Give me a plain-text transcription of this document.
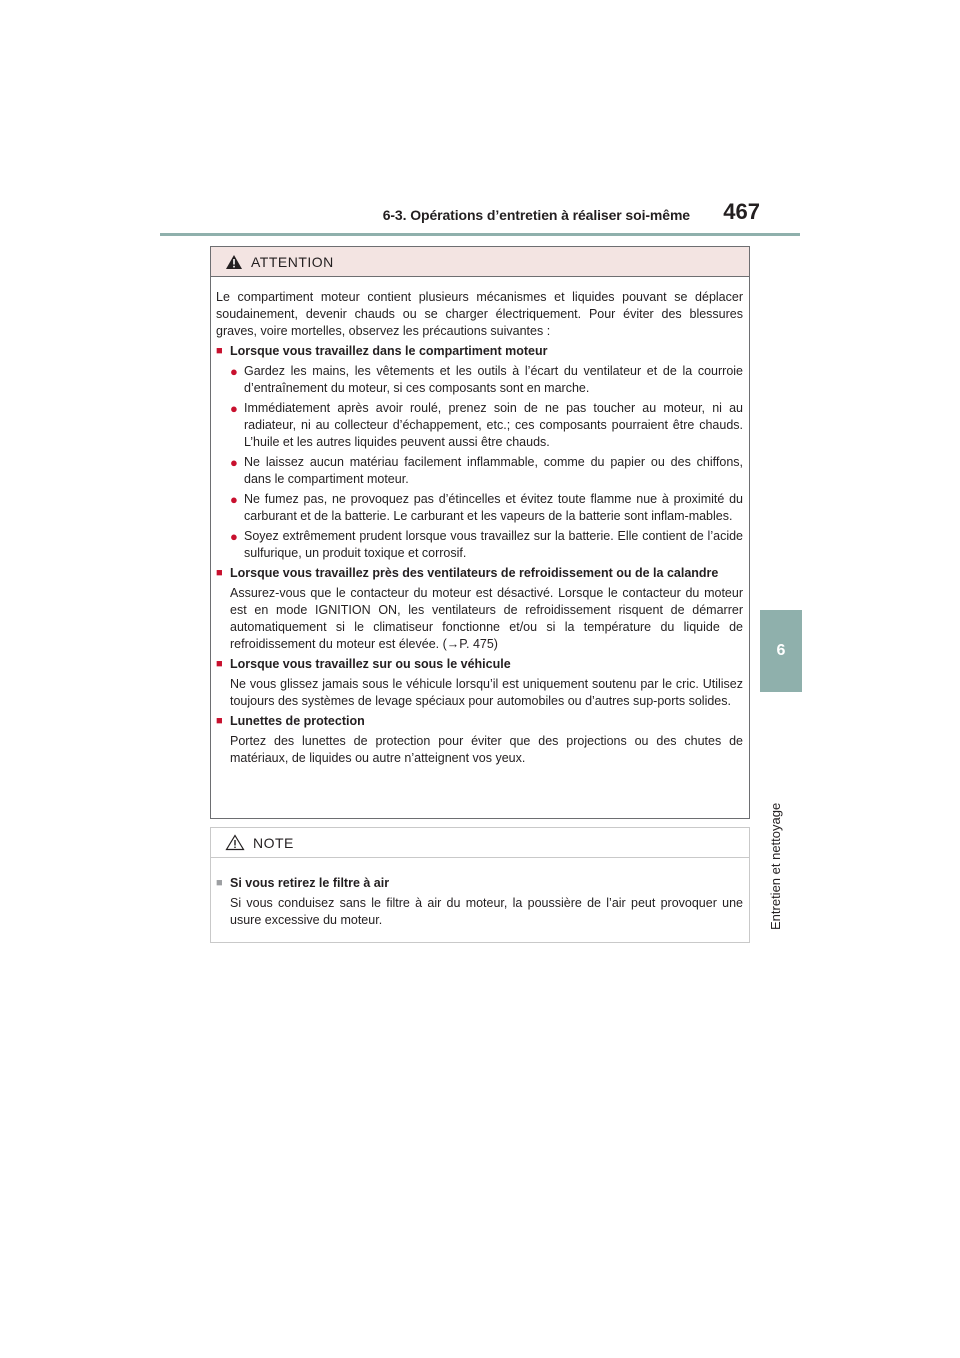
6-3. Opérations d’entretien à réaliser soi-même	467
6
Entretien et nettoyage
ATTENTION

Le compartiment moteur contient plusieurs mécanismes et liquides pouvant se déplacer soudainement, devenir chauds ou se charger électriquement. Pour éviter des blessures graves, voire mortelles, observez les précautions suivantes :

■ Lorsque vous travaillez dans le compartiment moteur
● Gardez les mains, les vêtements et les outils à l’écart du ventilateur et de la courroie d’entraînement du moteur, si ces composants sont en marche.
● Immédiatement après avoir roulé, prenez soin de ne pas toucher au moteur, ni au radiateur, ni au collecteur d’échappement, etc.; ces composants pourraient être chauds. L’huile et les autres liquides peuvent aussi être chauds.
● Ne laissez aucun matériau facilement inflammable, comme du papier ou des chiffons, dans le compartiment moteur.
● Ne fumez pas, ne provoquez pas d’étincelles et évitez toute flamme nue à proximité du carburant et de la batterie. Le carburant et les vapeurs de la batterie sont inflam-mables.
● Soyez extrêmement prudent lorsque vous travaillez sur la batterie. Elle contient de l’acide sulfurique, un produit toxique et corrosif.
■ Lorsque vous travaillez près des ventilateurs de refroidissement ou de la calandre

Assurez-vous que le contacteur du moteur est désactivé. Lorsque le contacteur du moteur est en mode IGNITION ON, les ventilateurs de refroidissement risquent de démarrer automatiquement si le climatiseur fonctionne et/ou si la température du liquide de refroidissement du moteur est élevée. (→P. 475)

■ Lorsque vous travaillez sur ou sous le véhicule

Ne vous glissez jamais sous le véhicule lorsqu’il est uniquement soutenu par le cric. Utilisez toujours des systèmes de levage spéciaux pour automobiles ou d’autres sup-ports solides.

■ Lunettes de protection

Portez des lunettes de protection pour éviter que des projections ou des chutes de matériaux, de liquides ou autre n’atteignent vos yeux.

NOTE
■ Si vous retirez le filtre à air

Si vous conduisez sans le filtre à air du moteur, la poussière de l’air peut provoquer une usure excessive du moteur.
